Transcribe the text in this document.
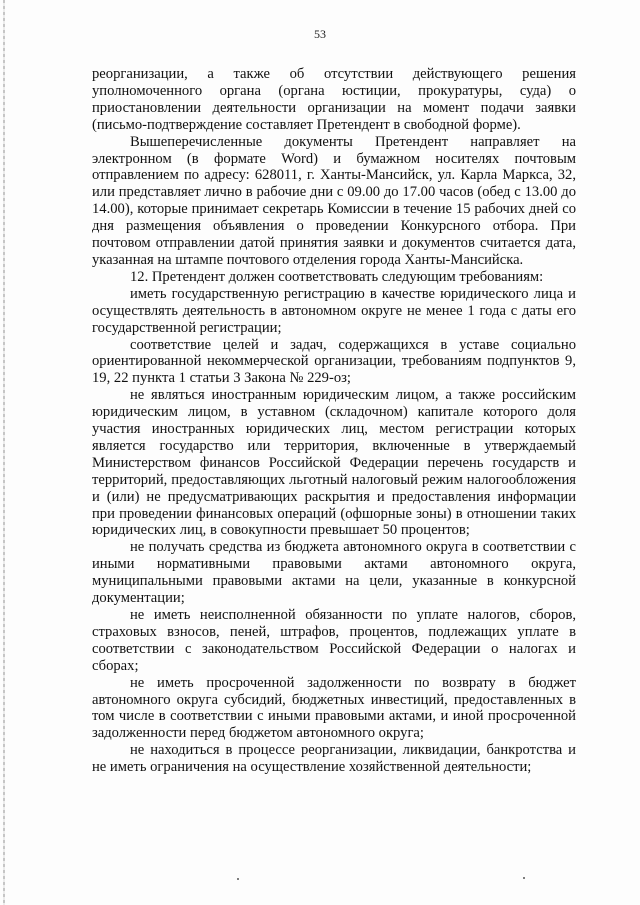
53

реорганизации, а также об отсутствии действующего решения уполномоченного органа (органа юстиции, прокуратуры, суда) о приостановлении деятельности организации на момент подачи заявки (письмо-подтверждение составляет Претендент в свободной форме).

Вышеперечисленные документы Претендент направляет на электронном (в формате Word) и бумажном носителях почтовым отправлением по адресу: 628011, г. Ханты-Мансийск, ул. Карла Маркса, 32, или представляет лично в рабочие дни с 09.00 до 17.00 часов (обед с 13.00 до 14.00), которые принимает секретарь Комиссии в течение 15 рабочих дней со дня размещения объявления о проведении Конкурсного отбора. При почтовом отправлении датой принятия заявки и документов считается дата, указанная на штампе почтового отделения города Ханты-Мансийска.

12. Претендент должен соответствовать следующим требованиям:

иметь государственную регистрацию в качестве юридического лица и осуществлять деятельность в автономном округе не менее 1 года с даты его государственной регистрации;

соответствие целей и задач, содержащихся в уставе социально ориентированной некоммерческой организации, требованиям подпунктов 9, 19, 22 пункта 1 статьи 3 Закона № 229-оз;

не являться иностранным юридическим лицом, а также российским юридическим лицом, в уставном (складочном) капитале которого доля участия иностранных юридических лиц, местом регистрации которых является государство или территория, включенные в утверждаемый Министерством финансов Российской Федерации перечень государств и территорий, предоставляющих льготный налоговый режим налогообложения и (или) не предусматривающих раскрытия и предоставления информации при проведении финансовых операций (офшорные зоны) в отношении таких юридических лиц, в совокупности превышает 50 процентов;

не получать средства из бюджета автономного округа в соответствии с иными нормативными правовыми актами автономного округа, муниципальными правовыми актами на цели, указанные в конкурсной документации;

не иметь неисполненной обязанности по уплате налогов, сборов, страховых взносов, пеней, штрафов, процентов, подлежащих уплате в соответствии с законодательством Российской Федерации о налогах и сборах;

не иметь просроченной задолженности по возврату в бюджет автономного округа субсидий, бюджетных инвестиций, предоставленных в том числе в соответствии с иными правовыми актами, и иной просроченной задолженности перед бюджетом автономного округа;

не находиться в процессе реорганизации, ликвидации, банкротства и не иметь ограничения на осуществление хозяйственной деятельности;
